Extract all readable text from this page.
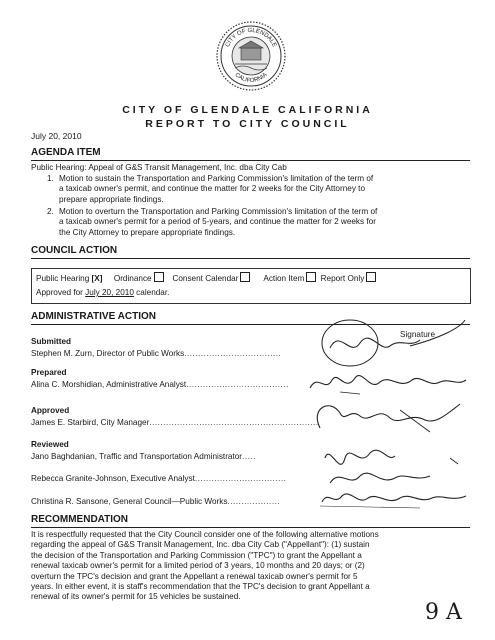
CITY OF GLENDALE
CALIFORNIA
CITY OF GLENDALE CALIFORNIA
REPORT TO CITY COUNCIL
July 20, 2010
AGENDA ITEM
Public Hearing: Appeal of G&S Transit Management, Inc. dba City Cab
1. Motion to sustain the Transportation and Parking Commission's limitation of the term of
a taxicab owner's permit, and continue the matter for 2 weeks for the City Attorney to
prepare appropriate findings.
2. Motion to overturn the Transportation and Parking Commission's limitation of the term of
a taxicab owner's permit for a period of 5-years, and continue the matter for 2 weeks for
the City Attorney to prepare appropriate findings.
COUNCIL ACTION
Public Hearing [X] Ordinance	Consent Calendar	Action Item Report Only
Approved for July 20, 2010 calendar.
ADMINISTRATIVE ACTION
Signature
Submitted
Stephen M. Zurn, Director of Public Works...................................
Prepared
Alina C. Morshidian, Administrative Analyst.....................................
Approved
James E. Starbird, City Manager.............................................................
Reviewed
Jano Baghdanian, Traffic and Transportation Administrator.....
Rebecca Granite-Johnson, Executive Analyst.................................
Christina R. Sansone, General Council—Public Works...................
RECOMMENDATION
It is respectfully requested that the City Council consider one of the following alternative motions
regarding the appeal of G&S Transit Management, Inc. dba City Cab ("Appellant"): (1) sustain
the decision of the Transportation and Parking Commission ("TPC") to grant the Appellant a
renewal taxicab owner's permit for a limited period of 3 years, 10 months and 20 days; or (2)
overturn the TPC's decision and grant the Appellant a renewal taxicab owner's permit for 5
years. In either event, it is staff's recommendation that the TPC's decision to grant Appellant a
renewal of its owner's permit for 15 vehicles be sustained.
9 A
